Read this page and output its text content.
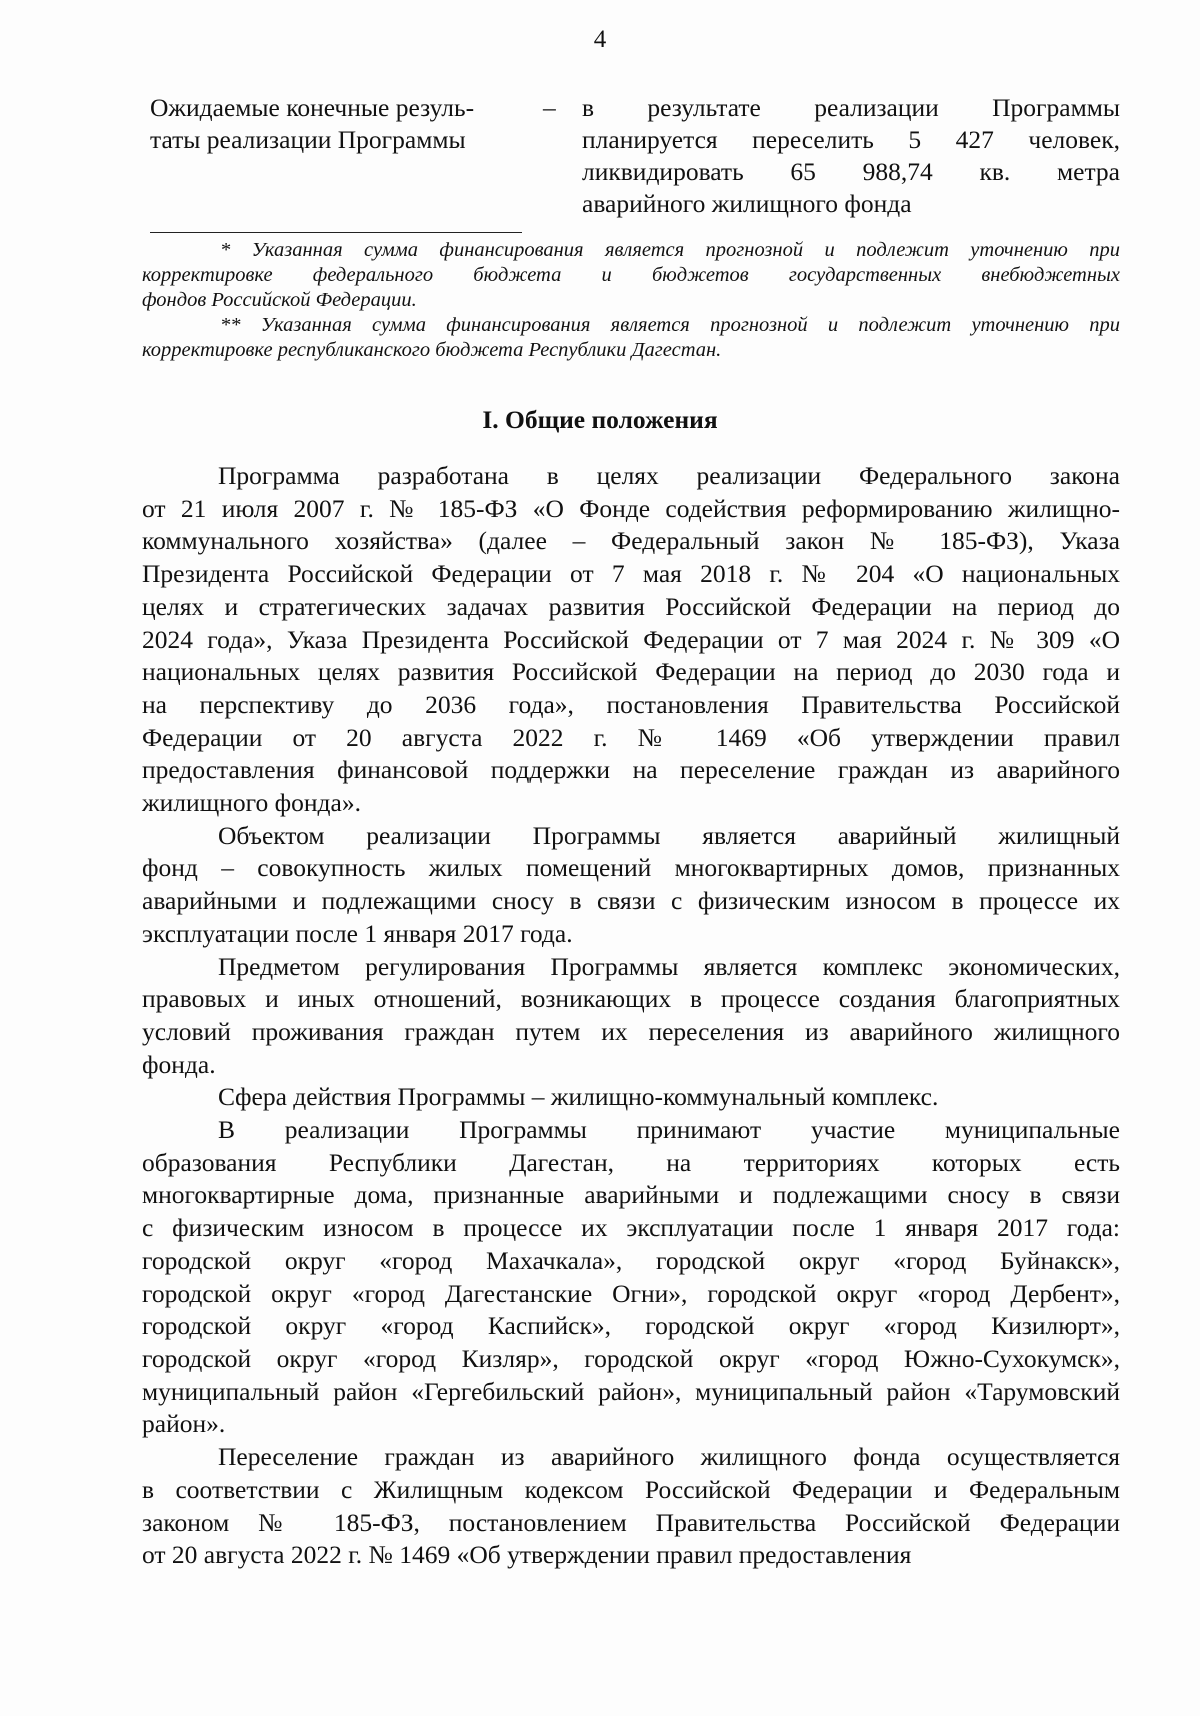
4
Ожидаемые конечные резуль-
таты реализации Программы
– в результате реализации Программы
планируется переселить 5 427 человек,
ликвидировать 65 988,74 кв. метра
аварийного жилищного фонда

* Указанная сумма финансирования является прогнозной и подлежит уточнению при
корректировке федерального бюджета и бюджетов государственных внебюджетных
фондов Российской Федерации.

** Указанная сумма финансирования является прогнозной и подлежит уточнению при
корректировке республиканского бюджета Республики Дагестан.

I. Общие положения

Программа разработана в целях реализации Федерального закона
от 21 июля 2007 г. № 185-ФЗ «О Фонде содействия реформированию жилищно-
коммунального хозяйства» (далее – Федеральный закон № 185-ФЗ), Указа
Президента Российской Федерации от 7 мая 2018 г. № 204 «О национальных
целях и стратегических задачах развития Российской Федерации на период до
2024 года», Указа Президента Российской Федерации от 7 мая 2024 г. № 309 «О
национальных целях развития Российской Федерации на период до 2030 года и
на перспективу до 2036 года», постановления Правительства Российской
Федерации от 20 августа 2022 г. № 1469 «Об утверждении правил
предоставления финансовой поддержки на переселение граждан из аварийного
жилищного фонда».

Объектом реализации Программы является аварийный жилищный
фонд – совокупность жилых помещений многоквартирных домов, признанных
аварийными и подлежащими сносу в связи с физическим износом в процессе их
эксплуатации после 1 января 2017 года.

Предметом регулирования Программы является комплекс экономических,
правовых и иных отношений, возникающих в процессе создания благоприятных
условий проживания граждан путем их переселения из аварийного жилищного
фонда.

Сфера действия Программы – жилищно-коммунальный комплекс.

В реализации Программы принимают участие муниципальные
образования Республики Дагестан, на территориях которых есть
многоквартирные дома, признанные аварийными и подлежащими сносу в связи
с физическим износом в процессе их эксплуатации после 1 января 2017 года:
городской округ «город Махачкала», городской округ «город Буйнакск»,
городской округ «город Дагестанские Огни», городской округ «город Дербент»,
городской округ «город Каспийск», городской округ «город Кизилюрт»,
городской округ «город Кизляр», городской округ «город Южно-Сухокумск»,
муниципальный район «Гергебильский район», муниципальный район «Тарумовский
район».

Переселение граждан из аварийного жилищного фонда осуществляется
в соответствии с Жилищным кодексом Российской Федерации и Федеральным
законом № 185-ФЗ, постановлением Правительства Российской Федерации
от 20 августа 2022 г. № 1469 «Об утверждении правил предоставления
